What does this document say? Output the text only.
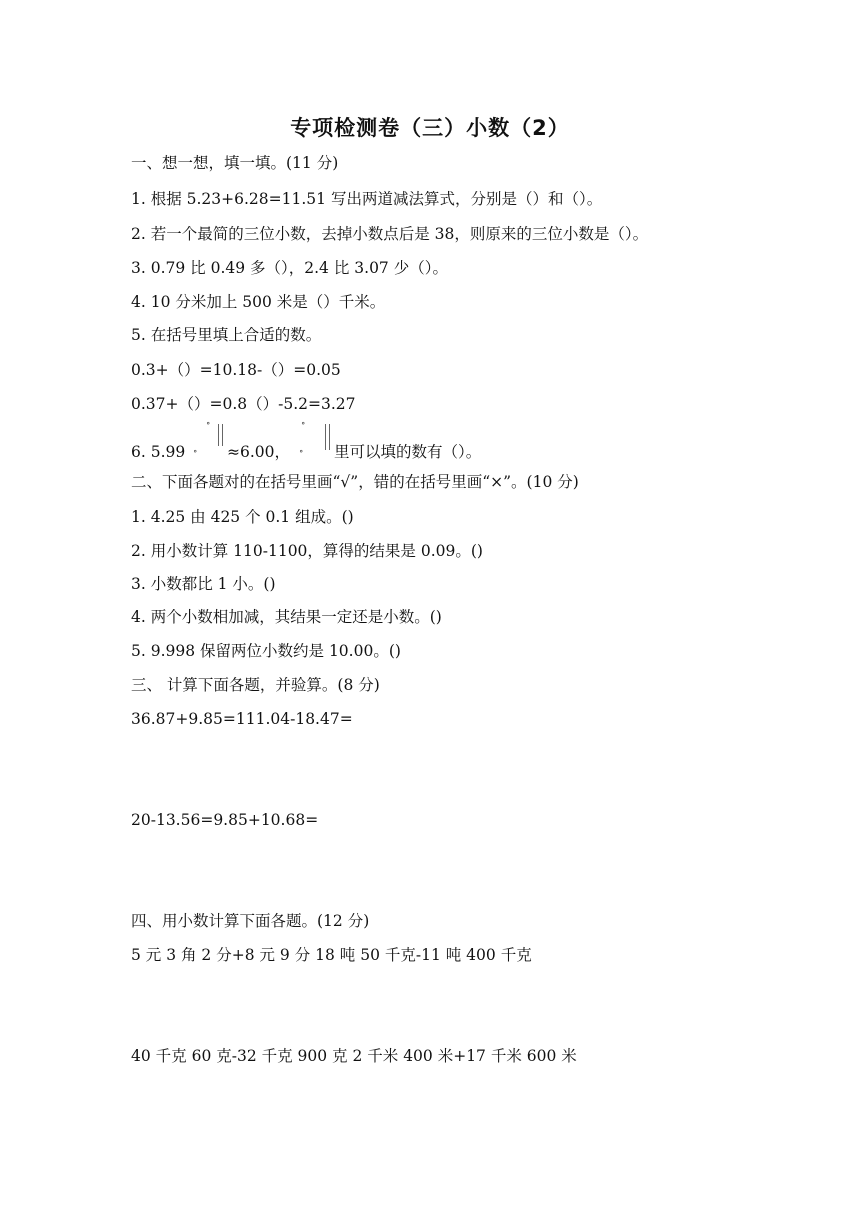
专项检测卷（三）小数（2）
一、想一想，填一填。(11 分)
1. 根据 5.23+6.28=11.51 写出两道减法算式，分别是（）和（）。
2. 若一个最简的三位小数，去掉小数点后是 38，则原来的三位小数是（）。
3. 0.79 比 0.49 多（），2.4 比 3.07 少（）。
4. 10 分米加上 500 米是（）千米。
5. 在括号里填上合适的数。
0.3+（）=10.18-（）=0.05
0.37+（）=0.8（）-5.2=3.27
6. 5.99 ∘
∘
≈6.00， ∘
∘
里可以填的数有（）。
二、下面各题对的在括号里画“√”，错的在括号里画“×”。(10 分)
1. 4.25 由 425 个 0.1 组成。()
2. 用小数计算 110-1100，算得的结果是 0.09。()
3. 小数都比 1 小。()
4. 两个小数相加减，其结果一定还是小数。()
5. 9.998 保留两位小数约是 10.00。()
三、 计算下面各题，并验算。(8 分)
36.87+9.85=111.04-18.47=
20-13.56=9.85+10.68=
四、用小数计算下面各题。(12 分)
5 元 3 角 2 分+8 元 9 分 18 吨 50 千克-11 吨 400 千克
40 千克 60 克-32 千克 900 克 2 千米 400 米+17 千米 600 米
